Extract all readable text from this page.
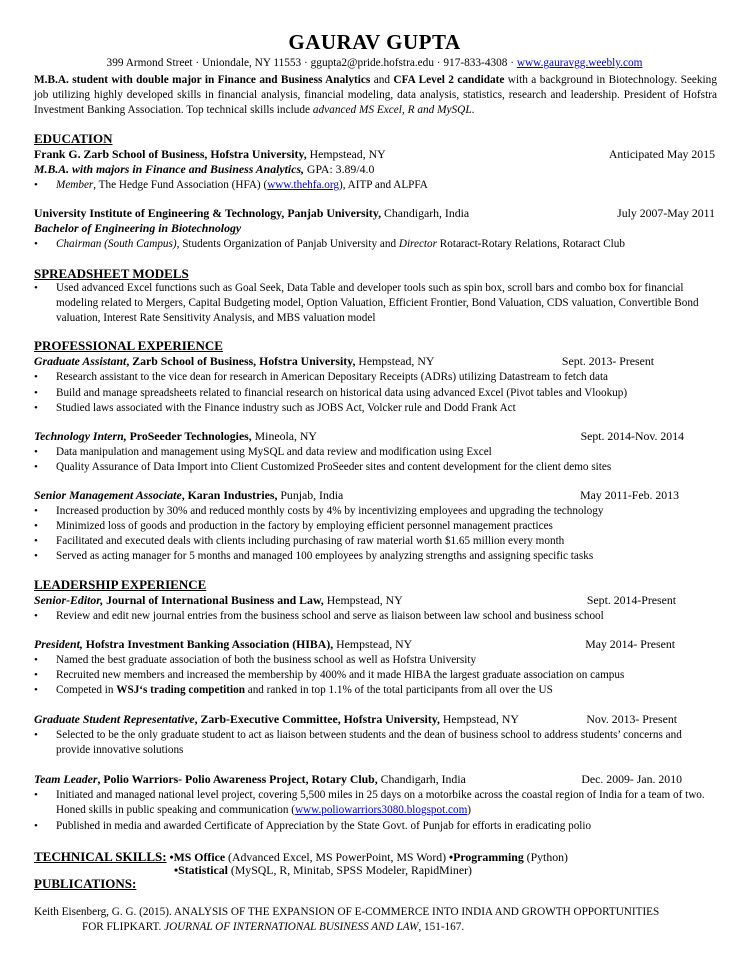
GAURAV GUPTA
399 Armond Street · Uniondale, NY 11553 · ggupta2@pride.hofstra.edu · 917-833-4308 · www.gauravgg.weebly.com
M.B.A. student with double major in Finance and Business Analytics and CFA Level 2 candidate with a background in Biotechnology. Seeking job utilizing highly developed skills in financial analysis, financial modeling, data analysis, statistics, research and leadership. President of Hofstra Investment Banking Association. Top technical skills include advanced MS Excel, R and MySQL.
EDUCATION
Frank G. Zarb School of Business, Hofstra University, Hempstead, NY	Anticipated May 2015
M.B.A. with majors in Finance and Business Analytics, GPA: 3.89/4.0
• Member, The Hedge Fund Association (HFA) (www.thehfa.org), AITP and ALPFA
University Institute of Engineering & Technology, Panjab University, Chandigarh, India	July 2007-May 2011
Bachelor of Engineering in Biotechnology
• Chairman (South Campus), Students Organization of Panjab University and Director Rotaract-Rotary Relations, Rotaract Club
SPREADSHEET MODELS
• Used advanced Excel functions such as Goal Seek, Data Table and developer tools such as spin box, scroll bars and combo box for financial modeling related to Mergers, Capital Budgeting model, Option Valuation, Efficient Frontier, Bond Valuation, CDS valuation, Convertible Bond valuation, Interest Rate Sensitivity Analysis, and MBS valuation model
PROFESSIONAL EXPERIENCE
Graduate Assistant, Zarb School of Business, Hofstra University, Hempstead, NY	Sept. 2013- Present
• Research assistant to the vice dean for research in American Depositary Receipts (ADRs) utilizing Datastream to fetch data
• Build and manage spreadsheets related to financial research on historical data using advanced Excel (Pivot tables and Vlookup)
• Studied laws associated with the Finance industry such as JOBS Act, Volcker rule and Dodd Frank Act
Technology Intern, ProSeeder Technologies, Mineola, NY	Sept. 2014-Nov. 2014
• Data manipulation and management using MySQL and data review and modification using Excel
• Quality Assurance of Data Import into Client Customized ProSeeder sites and content development for the client demo sites
Senior Management Associate, Karan Industries, Punjab, India	May 2011-Feb. 2013
• Increased production by 30% and reduced monthly costs by 4% by incentivizing employees and upgrading the technology
• Minimized loss of goods and production in the factory by employing efficient personnel management practices
• Facilitated and executed deals with clients including purchasing of raw material worth $1.65 million every month
• Served as acting manager for 5 months and managed 100 employees by analyzing strengths and assigning specific tasks
LEADERSHIP EXPERIENCE
Senior-Editor, Journal of International Business and Law, Hempstead, NY	Sept. 2014-Present
• Review and edit new journal entries from the business school and serve as liaison between law school and business school
President, Hofstra Investment Banking Association (HIBA), Hempstead, NY	May 2014- Present
• Named the best graduate association of both the business school as well as Hofstra University
• Recruited new members and increased the membership by 400% and it made HIBA the largest graduate association on campus
• Competed in WSJ‘s trading competition and ranked in top 1.1% of the total participants from all over the US
Graduate Student Representative, Zarb-Executive Committee, Hofstra University, Hempstead, NY	Nov. 2013- Present
• Selected to be the only graduate student to act as liaison between students and the dean of business school to address students’ concerns and provide innovative solutions
Team Leader, Polio Warriors- Polio Awareness Project, Rotary Club, Chandigarh, India	Dec. 2009- Jan. 2010
• Initiated and managed national level project, covering 5,500 miles in 25 days on a motorbike across the coastal region of India for a team of two. Honed skills in public speaking and communication (www.poliowarriors3080.blogspot.com)
• Published in media and awarded Certificate of Appreciation by the State Govt. of Punjab for efforts in eradicating polio
TECHNICAL SKILLS: •MS Office (Advanced Excel, MS PowerPoint, MS Word) •Programming (Python)
•Statistical (MySQL, R, Minitab, SPSS Modeler, RapidMiner)
PUBLICATIONS:
Keith Eisenberg, G. G. (2015). ANALYSIS OF THE EXPANSION OF E-COMMERCE INTO INDIA AND GROWTH OPPORTUNITIES FOR FLIPKART. JOURNAL OF INTERNATIONAL BUSINESS AND LAW, 151-167.
